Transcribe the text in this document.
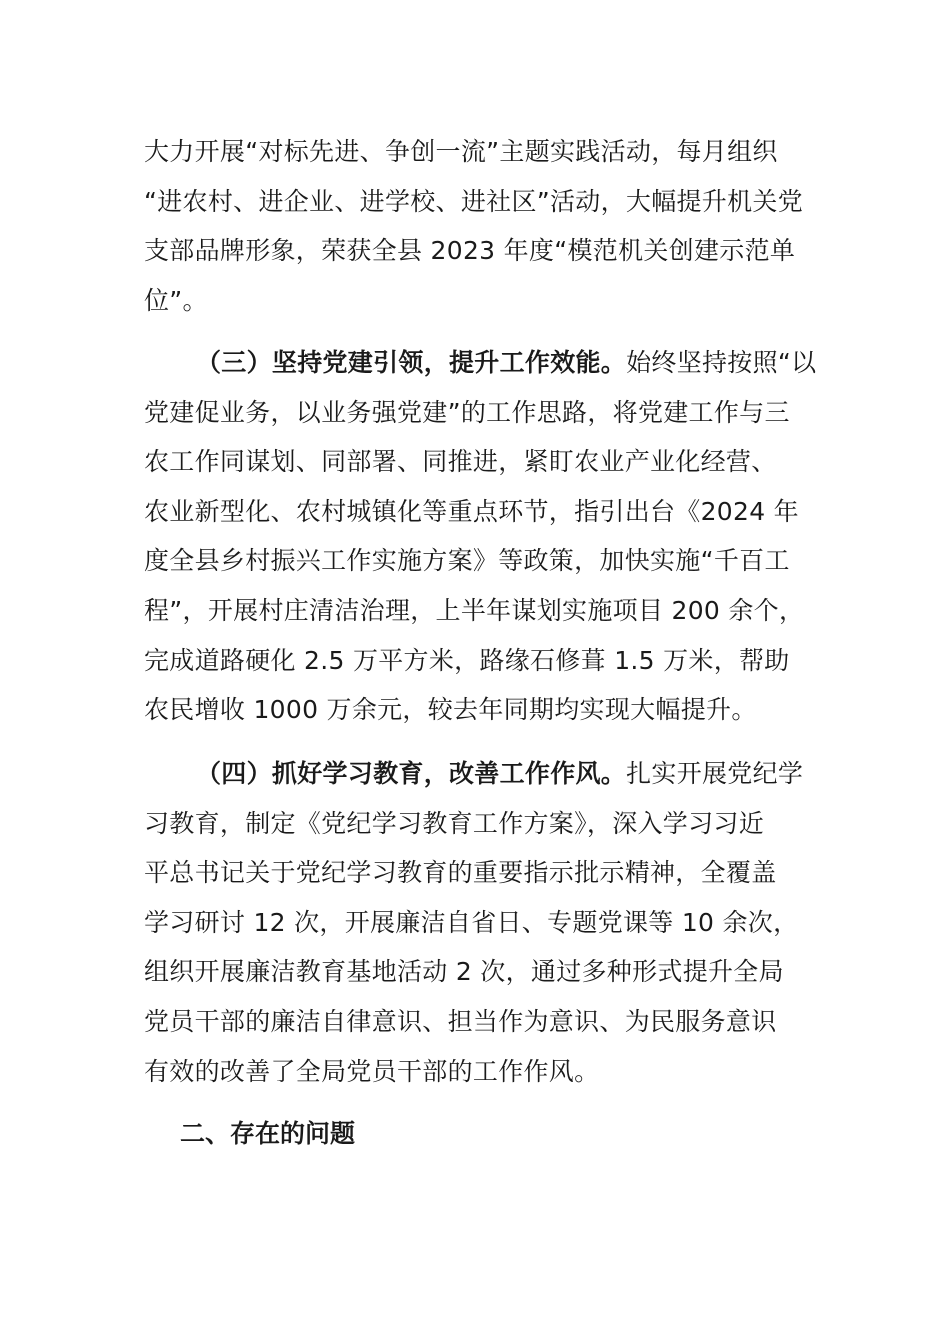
大力开展“对标先进、争创一流”主题实践活动，每月组织
“进农村、进企业、进学校、进社区”活动，大幅提升机关党
支部品牌形象，荣获全县 2023 年度“模范机关创建示范单
位”。
（三）坚持党建引领，提升工作效能。始终坚持按照“以
党建促业务，以业务强党建”的工作思路，将党建工作与三
农工作同谋划、同部署、同推进，紧盯农业产业化经营、
农业新型化、农村城镇化等重点环节，指引出台《2024 年
度全县乡村振兴工作实施方案》等政策，加快实施“千百工
程”，开展村庄清洁治理，上半年谋划实施项目 200 余个，
完成道路硬化 2.5 万平方米，路缘石修葺 1.5 万米，帮助
农民增收 1000 万余元，较去年同期均实现大幅提升。
（四）抓好学习教育，改善工作作风。扎实开展党纪学
习教育，制定《党纪学习教育工作方案》，深入学习习近
平总书记关于党纪学习教育的重要指示批示精神，全覆盖
学习研讨 12 次，开展廉洁自省日、专题党课等 10 余次，
组织开展廉洁教育基地活动 2 次，通过多种形式提升全局
党员干部的廉洁自律意识、担当作为意识、为民服务意识
有效的改善了全局党员干部的工作作风。
二、存在的问题
